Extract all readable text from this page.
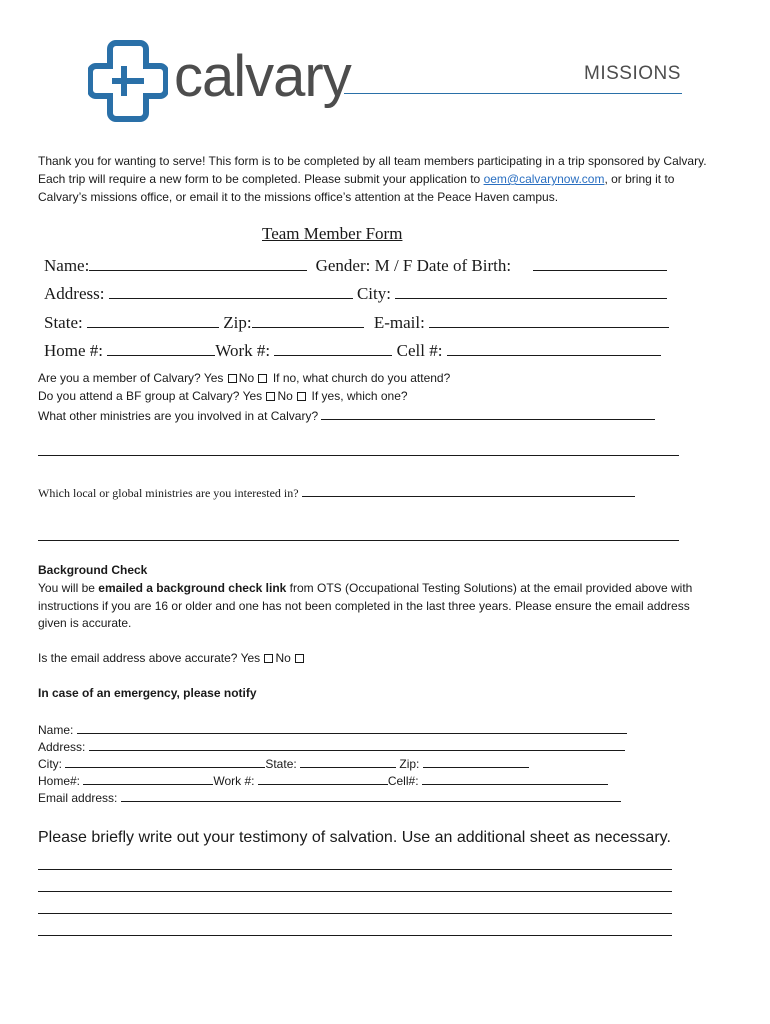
calvary	MISSIONS
Thank you for wanting to serve! This form is to be completed by all team members participating in a trip sponsored by Calvary. Each trip will require a new form to be completed. Please submit your application to oem@calvarynow.com, or bring it to Calvary’s missions office, or email it to the missions office’s attention at the Peace Haven campus.
Team Member Form
Name:	Gender: M / F Date of Birth:
Address:	City:
State:	Zip:	E-mail:
Home #:	Work #:	Cell #:
Are you a member of Calvary? Yes No If no, what church do you attend?
Do you attend a BF group at Calvary? Yes No If yes, which one?
What other ministries are you involved in at Calvary?
Which local or global ministries are you interested in?
Background Check
You will be emailed a background check link from OTS (Occupational Testing Solutions) at the email provided above with instructions if you are 16 or older and one has not been completed in the last three years. Please ensure the email address given is accurate.
Is the email address above accurate? Yes No
In case of an emergency, please notify
Name:
Address:
City:	State:	Zip:
Home#:	Work #:	Cell#:
Email address:
Please briefly write out your testimony of salvation. Use an additional sheet as necessary.
